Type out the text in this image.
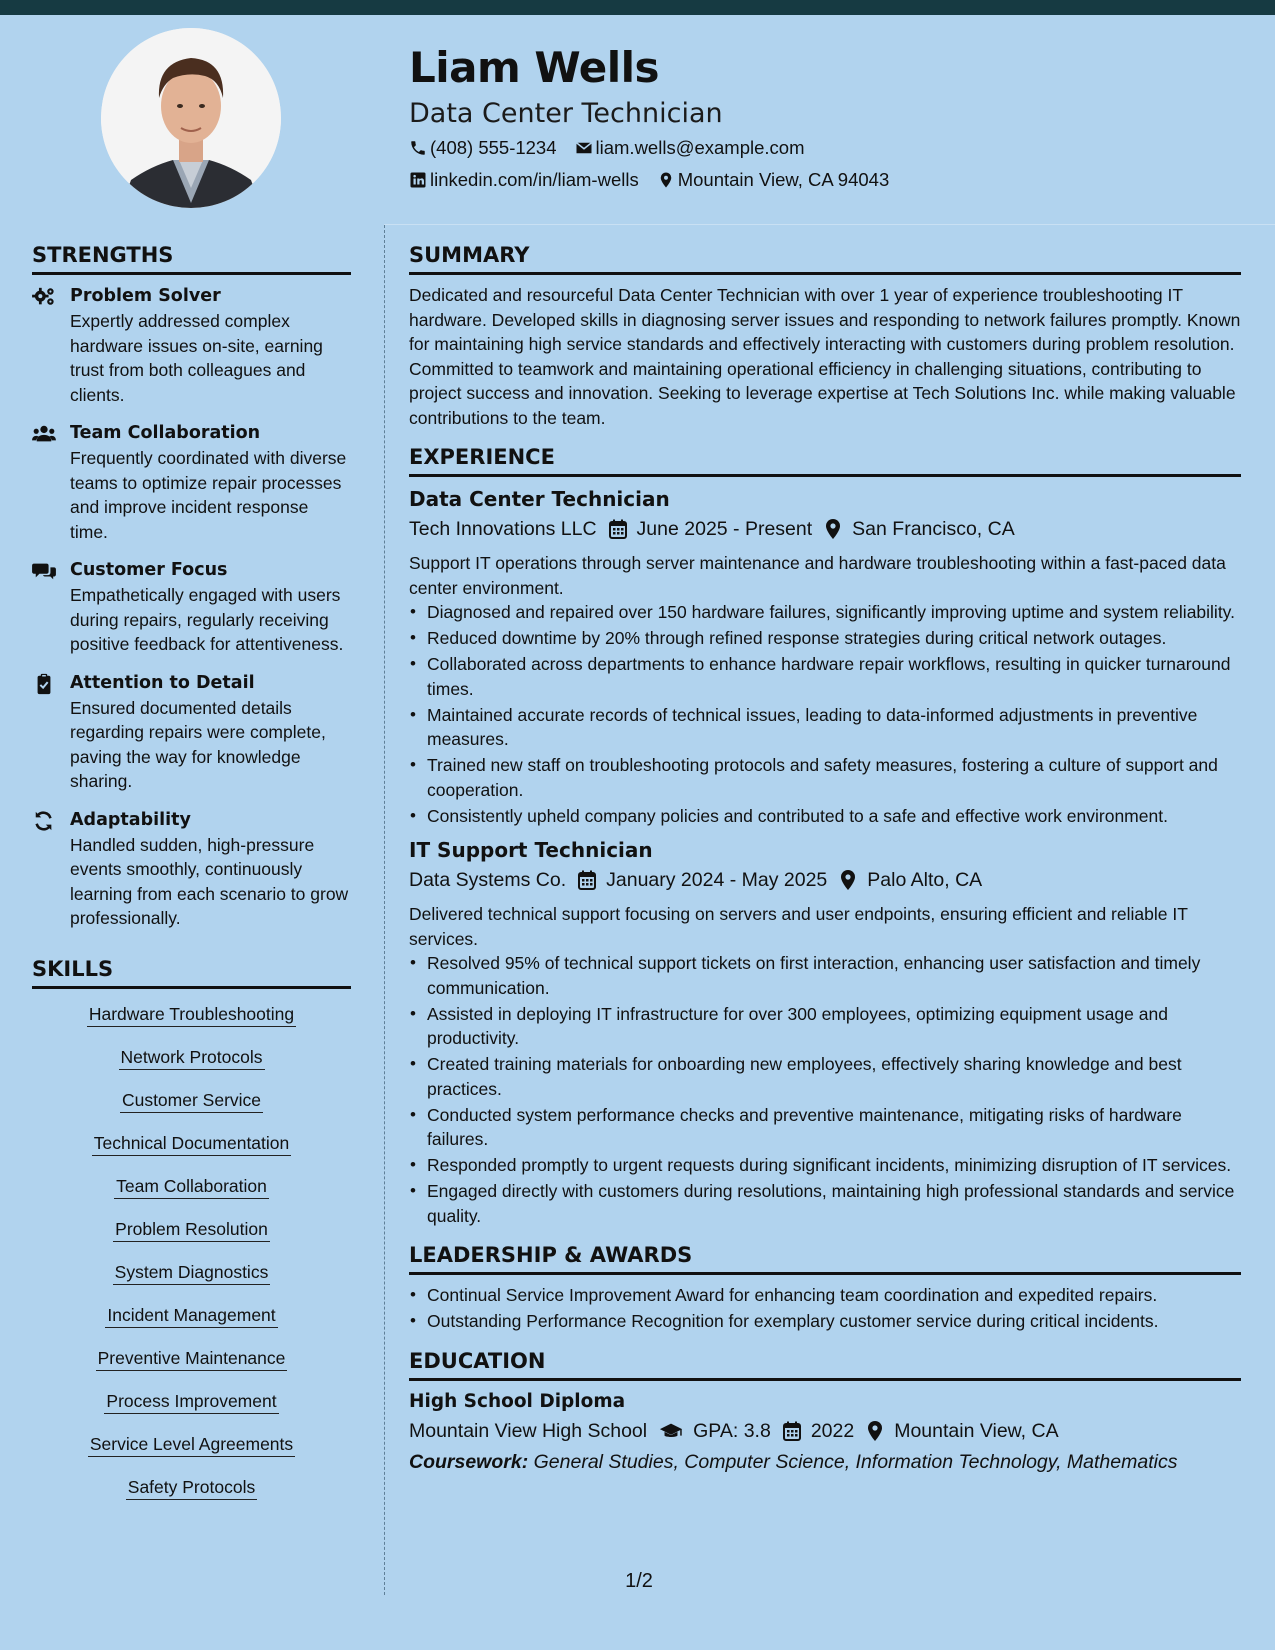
Liam Wells
Data Center Technician
(408) 555-1234 liam.wells@example.com
linkedin.com/in/liam-wells Mountain View, CA 94043
STRENGTHS
Problem Solver
Expertly addressed complex hardware issues on-site, earning trust from both colleagues and clients.
Team Collaboration
Frequently coordinated with diverse teams to optimize repair processes and improve incident response time.
Customer Focus
Empathetically engaged with users during repairs, regularly receiving positive feedback for attentiveness.
Attention to Detail
Ensured documented details regarding repairs were complete, paving the way for knowledge sharing.
Adaptability
Handled sudden, high-pressure events smoothly, continuously learning from each scenario to grow professionally.
SKILLS
Hardware Troubleshooting
Network Protocols
Customer Service
Technical Documentation
Team Collaboration
Problem Resolution
System Diagnostics
Incident Management
Preventive Maintenance
Process Improvement
Service Level Agreements
Safety Protocols
SUMMARY
Dedicated and resourceful Data Center Technician with over 1 year of experience troubleshooting IT hardware. Developed skills in diagnosing server issues and responding to network failures promptly. Known for maintaining high service standards and effectively interacting with customers during problem resolution. Committed to teamwork and maintaining operational efficiency in challenging situations, contributing to project success and innovation. Seeking to leverage expertise at Tech Solutions Inc. while making valuable contributions to the team.
EXPERIENCE
Data Center Technician
Tech Innovations LLC June 2025 - Present San Francisco, CA
Support IT operations through server maintenance and hardware troubleshooting within a fast-paced data center environment.
• Diagnosed and repaired over 150 hardware failures, significantly improving uptime and system reliability.
• Reduced downtime by 20% through refined response strategies during critical network outages.
• Collaborated across departments to enhance hardware repair workflows, resulting in quicker turnaround times.
• Maintained accurate records of technical issues, leading to data-informed adjustments in preventive measures.
• Trained new staff on troubleshooting protocols and safety measures, fostering a culture of support and cooperation.
• Consistently upheld company policies and contributed to a safe and effective work environment.
IT Support Technician
Data Systems Co. January 2024 - May 2025 Palo Alto, CA
Delivered technical support focusing on servers and user endpoints, ensuring efficient and reliable IT services.
• Resolved 95% of technical support tickets on first interaction, enhancing user satisfaction and timely communication.
• Assisted in deploying IT infrastructure for over 300 employees, optimizing equipment usage and productivity.
• Created training materials for onboarding new employees, effectively sharing knowledge and best practices.
• Conducted system performance checks and preventive maintenance, mitigating risks of hardware failures.
• Responded promptly to urgent requests during significant incidents, minimizing disruption of IT services.
• Engaged directly with customers during resolutions, maintaining high professional standards and service quality.
LEADERSHIP & AWARDS
• Continual Service Improvement Award for enhancing team coordination and expedited repairs.
• Outstanding Performance Recognition for exemplary customer service during critical incidents.
EDUCATION
High School Diploma
Mountain View High School GPA: 3.8 2022 Mountain View, CA
Coursework: General Studies, Computer Science, Information Technology, Mathematics
1/2
